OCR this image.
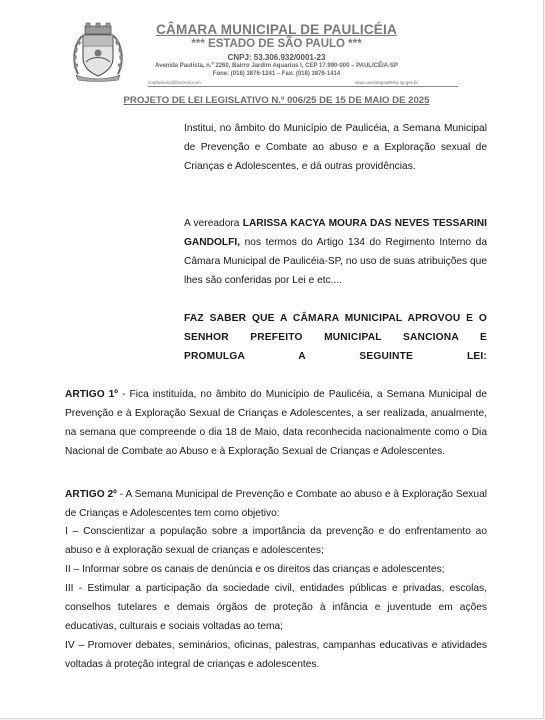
CÂMARA MUNICIPAL DE PAULICÉIA
*** ESTADO DE SÃO PAULO ***
CNPJ: 53.306.932/0001-23
Avenida Paulista, n.º 2260, Bairro Jardim Aquarius I, CEP 17.990-000 – PAULICÉIA-SP
Fone: (018) 3876-1241 – Fax: (018) 3876-1414
cmpaulicéia@hotmail.com	www.camarapaulicéia.sp.gov.br
PROJETO DE LEI LEGISLATIVO N.º 006/25 DE 15 DE MAIO DE 2025

Institui, no âmbito do Município de Paulicéia, a Semana Municipal de Prevenção e Combate ao abuso e a Exploração sexual de Crianças e Adolescentes, e dá outras providências.

A vereadora LARISSA KACYA MOURA DAS NEVES TESSARINI GANDOLFI, nos termos do Artigo 134 do Regimento Interno da Câmara Municipal de Paulicéia-SP, no uso de suas atribuições que lhes são conferidas por Lei e etc....

FAZ SABER QUE A CÂMARA MUNICIPAL APROVOU E O SENHOR PREFEITO MUNICIPAL SANCIONA E
PROMULGA A SEGUINTE LEI:

ARTIGO 1º - Fica instituída, no âmbito do Município de Paulicéia, a Semana Municipal de Prevenção e à Exploração Sexual de Crianças e Adolescentes, a ser realizada, anualmente, na semana que compreende o dia 18 de Maio, data reconhecida nacionalmente como o Dia Nacional de Combate ao Abuso e à Exploração Sexual de Crianças e Adolescentes.

ARTIGO 2º - A Semana Municipal de Prevenção e Combate ao abuso e à Exploração Sexual de Crianças e Adolescentes tem como objetivo:

I – Conscientizar a população sobre a importância da prevenção e do enfrentamento ao abuso e à exploração sexual de crianças e adolescentes;

II – Informar sobre os canais de denúncia e os direitos das crianças e adolescentes;

III - Estimular a participação da sociedade civil, entidades públicas e privadas, escolas, conselhos tutelares e demais órgãos de proteção à infância e juventude em ações educativas, culturais e sociais voltadas ao tema;

IV – Promover debates, seminários, oficinas, palestras, campanhas educativas e atividades voltadas à proteção integral de crianças e adolescentes.
